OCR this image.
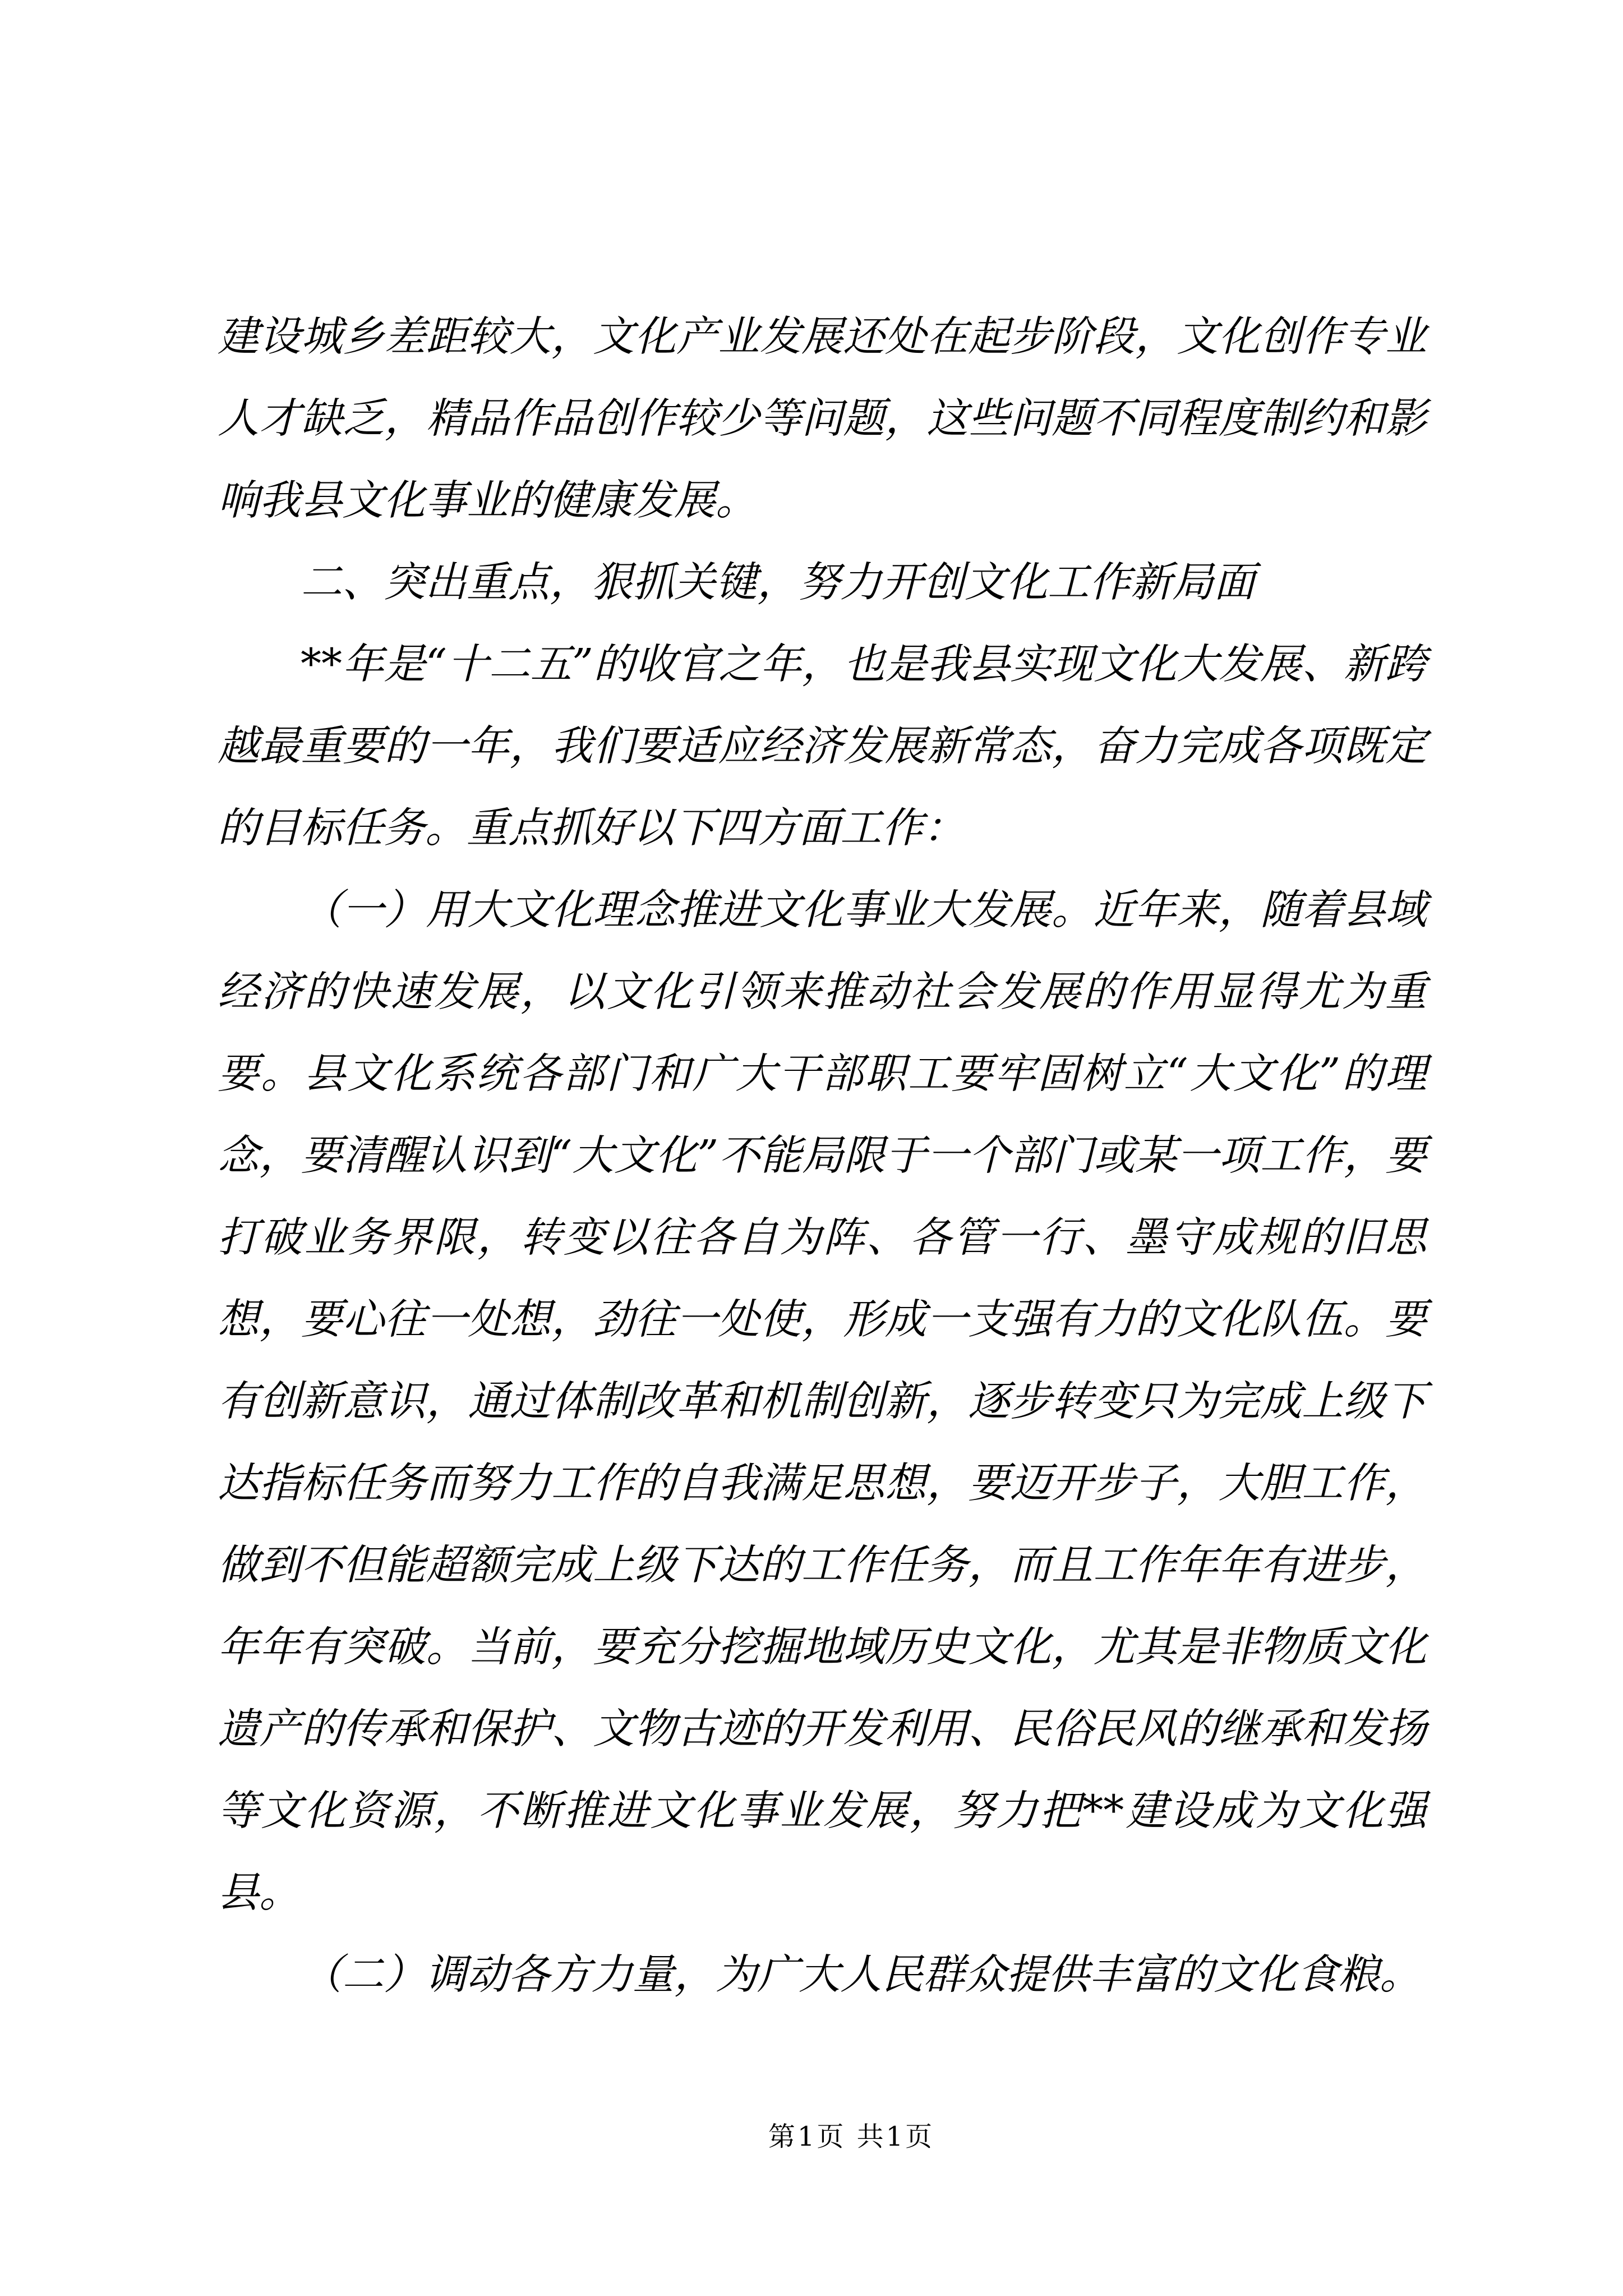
建设城乡差距较大，文化产业发展还处在起步阶段，文化创作专业人才缺乏，精品作品创作较少等问题，这些问题不同程度制约和影响我县文化事业的健康发展。

二、突出重点，狠抓关键，努力开创文化工作新局面

**年是“十二五”的收官之年，也是我县实现文化大发展、新跨越最重要的一年，我们要适应经济发展新常态，奋力完成各项既定的目标任务。重点抓好以下四方面工作：

（一）用大文化理念推进文化事业大发展。近年来，随着县域经济的快速发展，以文化引领来推动社会发展的作用显得尤为重要。县文化系统各部门和广大干部职工要牢固树立“大文化”的理念，要清醒认识到“大文化”不能局限于一个部门或某一项工作，要打破业务界限，转变以往各自为阵、各管一行、墨守成规的旧思想，要心往一处想，劲往一处使，形成一支强有力的文化队伍。要有创新意识，通过体制改革和机制创新，逐步转变只为完成上级下达指标任务而努力工作的自我满足思想，要迈开步子，大胆工作，做到不但能超额完成上级下达的工作任务，而且工作年年有进步，年年有突破。当前，要充分挖掘地域历史文化，尤其是非物质文化遗产的传承和保护、文物古迹的开发利用、民俗民风的继承和发扬等文化资源，不断推进文化事业发展，努力把**建设成为文化强县。

（二）调动各方力量，为广大人民群众提供丰富的文化食粮。

第1页 共1页
